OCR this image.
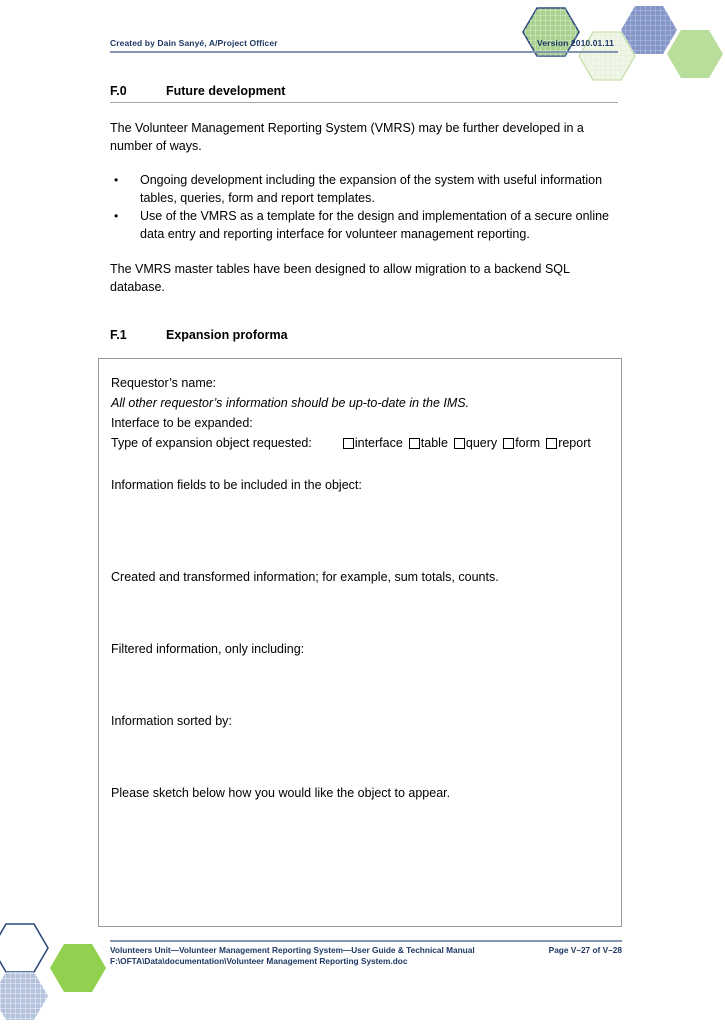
Created by Dain Sanyé, A/Project Officer	Version 2010.01.11
F.0	Future development

The Volunteer Management Reporting System (VMRS) may be further developed in a number of ways.

• Ongoing development including the expansion of the system with useful information tables, queries, form and report templates.
• Use of the VMRS as a template for the design and implementation of a secure online data entry and reporting interface for volunteer management reporting.

The VMRS master tables have been designed to allow migration to a backend SQL database.

F.1	Expansion proforma
Requestor’s name:
All other requestor’s information should be up-to-date in the IMS.
Interface to be expanded:
Type of expansion object requested:	interface table query form report
Information fields to be included in the object:
Created and transformed information; for example, sum totals, counts.
Filtered information, only including:
Information sorted by:
Please sketch below how you would like the object to appear.
Volunteers Unit—Volunteer Management Reporting System—User Guide & Technical Manual	Page V–27 of V–28
F:\OFTA\Data\documentation\Volunteer Management Reporting System.doc
